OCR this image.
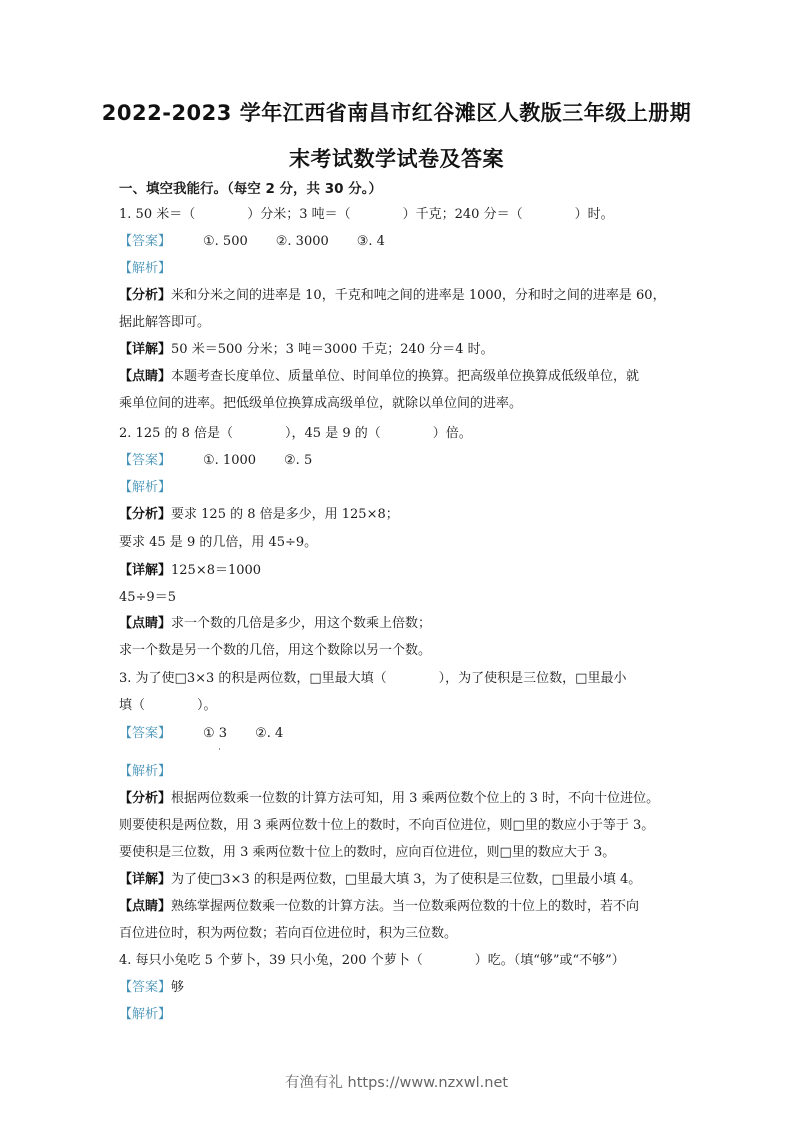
2022-2023 学年江西省南昌市红谷滩区人教版三年级上册期
末考试数学试卷及答案
一、填空我能行。（每空 2 分，共 30 分。）
1. 50 米＝（　　　　）分米；3 吨＝（　　　　）千克；240 分＝（　　　　）时。
【答案】 ①. 500 ②. 3000 ③. 4
【解析】
【分析】米和分米之间的进率是 10，千克和吨之间的进率是 1000，分和时之间的进率是 60，
据此解答即可。
【详解】50 米＝500 分米；3 吨＝3000 千克；240 分＝4 时。
【点睛】本题考查长度单位、质量单位、时间单位的换算。把高级单位换算成低级单位，就
乘单位间的进率。把低级单位换算成高级单位，就除以单位间的进率。
2. 125 的 8 倍是（　　　　），45 是 9 的（　　　　）倍。
【答案】 ①. 1000 ②. 5
【解析】
【分析】要求 125 的 8 倍是多少，用 125×8；
要求 45 是 9 的几倍，用 45÷9。
【详解】125×8＝1000
45÷9＝5
【点睛】求一个数的几倍是多少，用这个数乘上倍数；
求一个数是另一个数的几倍，用这个数除以另一个数。
3. 为了使□3×3 的积是两位数，□里最大填（　　　　），为了使积是三位数，□里最小
填（　　　　）。
【答案】 ① 3 ②. 4
【解析】
【分析】根据两位数乘一位数的计算方法可知，用 3 乘两位数个位上的 3 时，不向十位进位。
则要使积是两位数，用 3 乘两位数十位上的数时，不向百位进位，则□里的数应小于等于 3。
要使积是三位数，用 3 乘两位数十位上的数时，应向百位进位，则□里的数应大于 3。
【详解】为了使□3×3 的积是两位数，□里最大填 3，为了使积是三位数，□里最小填 4。
【点睛】熟练掌握两位数乘一位数的计算方法。当一位数乘两位数的十位上的数时，若不向
百位进位时，积为两位数；若向百位进位时，积为三位数。
4. 每只小兔吃 5 个萝卜，39 只小兔，200 个萝卜（　　　　）吃。（填“够”或“不够”）
【答案】够
【解析】
有渔有礼 https://www.nzxwl.net
